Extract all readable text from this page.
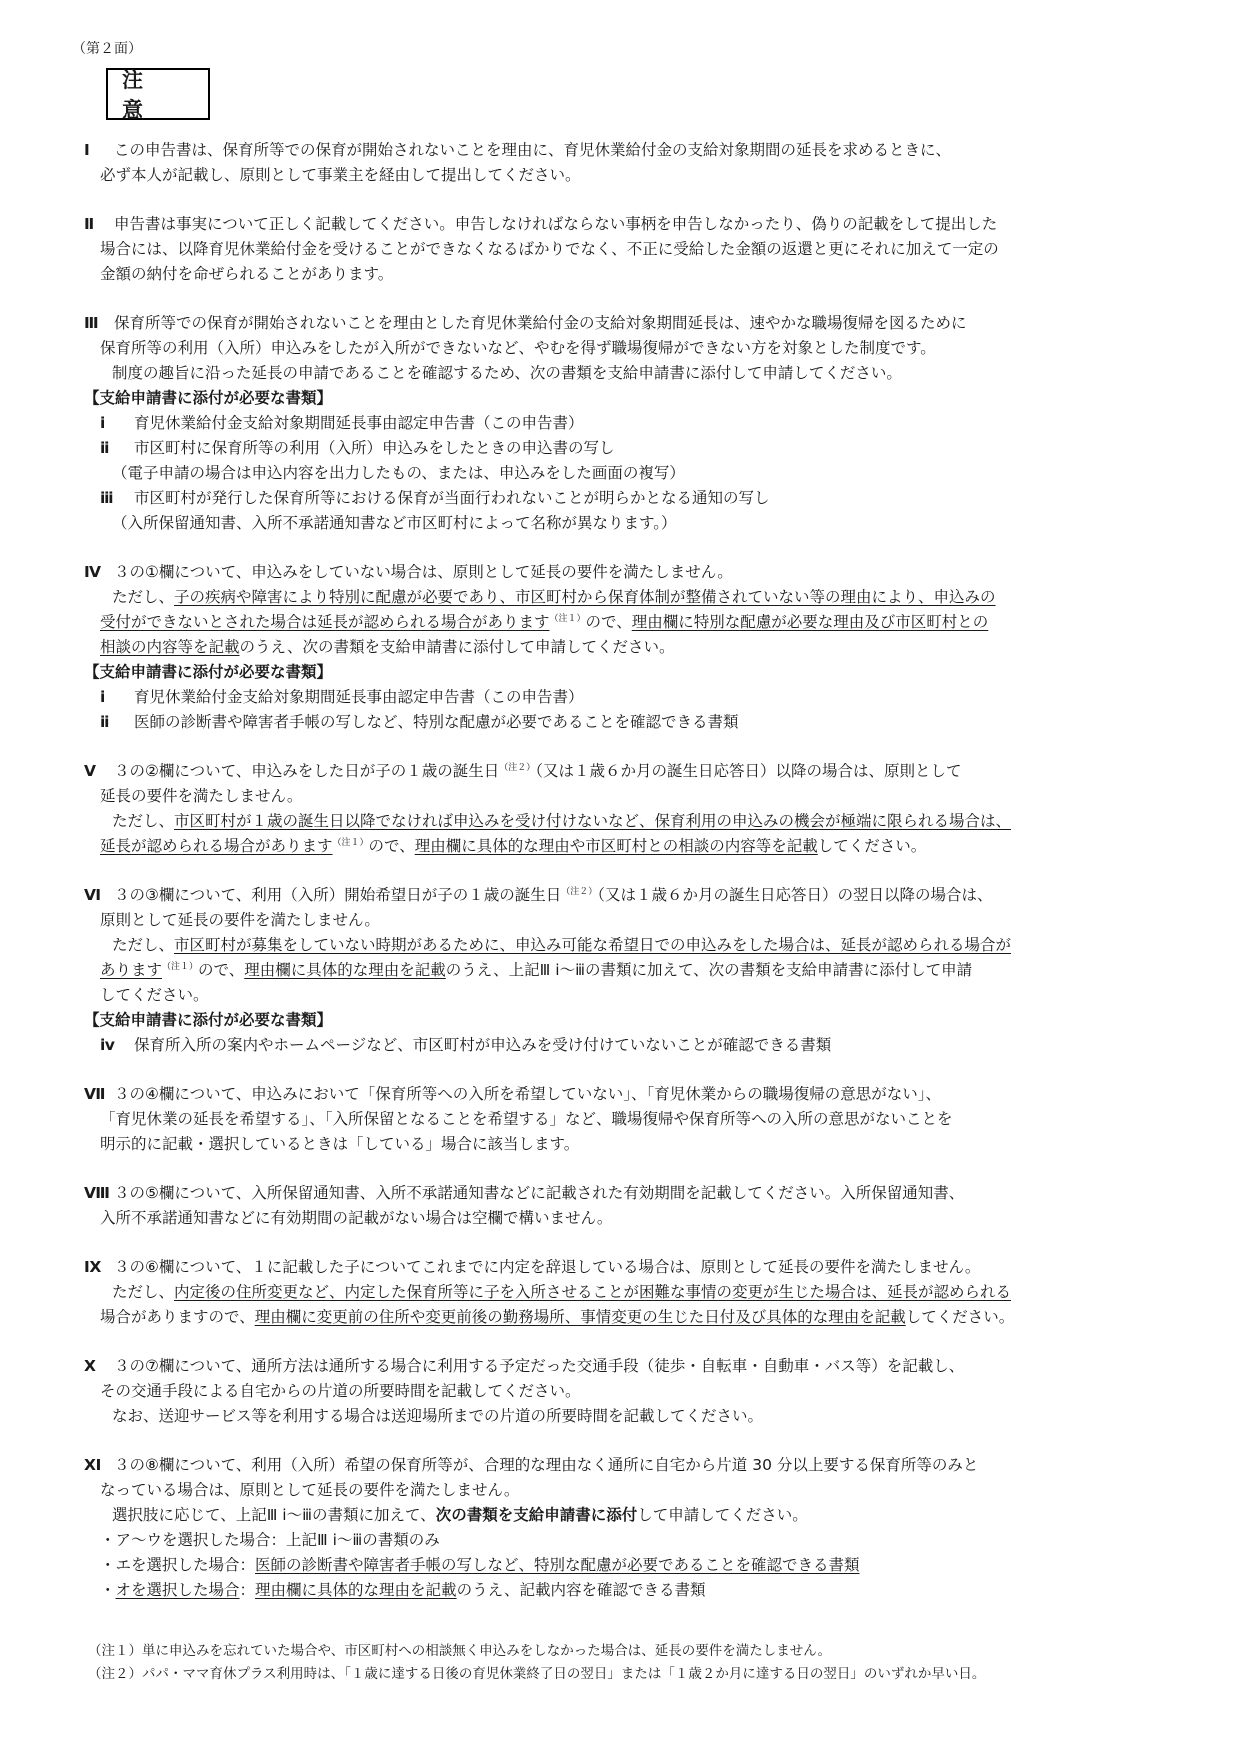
（第２面）
注　意
Ⅰ この申告書は、保育所等での保育が開始されないことを理由に、育児休業給付金の支給対象期間の延長を求めるときに、
必ず本人が記載し、原則として事業主を経由して提出してください。
Ⅱ 申告書は事実について正しく記載してください。申告しなければならない事柄を申告しなかったり、偽りの記載をして提出した
場合には、以降育児休業給付金を受けることができなくなるばかりでなく、不正に受給した金額の返還と更にそれに加えて一定の
金額の納付を命ぜられることがあります。
Ⅲ 保育所等での保育が開始されないことを理由とした育児休業給付金の支給対象期間延長は、速やかな職場復帰を図るために
保育所等の利用（入所）申込みをしたが入所ができないなど、やむを得ず職場復帰ができない方を対象とした制度です。
制度の趣旨に沿った延長の申請であることを確認するため、次の書類を支給申請書に添付して申請してください。
【支給申請書に添付が必要な書類】
ⅰ 育児休業給付金支給対象期間延長事由認定申告書（この申告書）
ⅱ 市区町村に保育所等の利用（入所）申込みをしたときの申込書の写し
（電子申請の場合は申込内容を出力したもの、または、申込みをした画面の複写）
ⅲ 市区町村が発行した保育所等における保育が当面行われないことが明らかとなる通知の写し
（入所保留通知書、入所不承諾通知書など市区町村によって名称が異なります。）
Ⅳ ３の①欄について、申込みをしていない場合は、原則として延長の要件を満たしません。
ただし、子の疾病や障害により特別に配慮が必要であり、市区町村から保育体制が整備されていない等の理由により、申込みの
受付ができないとされた場合は延長が認められる場合があります$^{(注1)}$ので、理由欄に特別な配慮が必要な理由及び市区町村との
相談の内容等を記載のうえ、次の書類を支給申請書に添付して申請してください。
【支給申請書に添付が必要な書類】
ⅰ 育児休業給付金支給対象期間延長事由認定申告書（この申告書）
ⅱ 医師の診断書や障害者手帳の写しなど、特別な配慮が必要であることを確認できる書類
Ⅴ ３の②欄について、申込みをした日が子の１歳の誕生日$^{(注2)}$（又は１歳６か月の誕生日応答日）以降の場合は、原則として
延長の要件を満たしません。
ただし、市区町村が１歳の誕生日以降でなければ申込みを受け付けないなど、保育利用の申込みの機会が極端に限られる場合は、
延長が認められる場合があります$^{(注1)}$ので、理由欄に具体的な理由や市区町村との相談の内容等を記載してください。
Ⅵ ３の③欄について、利用（入所）開始希望日が子の１歳の誕生日$^{(注2)}$（又は１歳６か月の誕生日応答日）の翌日以降の場合は、
原則として延長の要件を満たしません。
ただし、市区町村が募集をしていない時期があるために、申込み可能な希望日での申込みをした場合は、延長が認められる場合が
あります$^{(注1)}$ので、理由欄に具体的な理由を記載のうえ、上記Ⅲ ⅰ～ⅲの書類に加えて、次の書類を支給申請書に添付して申請
してください。
【支給申請書に添付が必要な書類】
ⅳ 保育所入所の案内やホームページなど、市区町村が申込みを受け付けていないことが確認できる書類
Ⅶ ３の④欄について、申込みにおいて「保育所等への入所を希望していない」、「育児休業からの職場復帰の意思がない」、
「育児休業の延長を希望する」、「入所保留となることを希望する」など、職場復帰や保育所等への入所の意思がないことを
明示的に記載・選択しているときは「している」場合に該当します。
Ⅷ ３の⑤欄について、入所保留通知書、入所不承諾通知書などに記載された有効期間を記載してください。入所保留通知書、
入所不承諾通知書などに有効期間の記載がない場合は空欄で構いません。
Ⅸ ３の⑥欄について、１に記載した子についてこれまでに内定を辞退している場合は、原則として延長の要件を満たしません。
ただし、内定後の住所変更など、内定した保育所等に子を入所させることが困難な事情の変更が生じた場合は、延長が認められる
場合がありますので、理由欄に変更前の住所や変更前後の勤務場所、事情変更の生じた日付及び具体的な理由を記載してください。
Ⅹ ３の⑦欄について、通所方法は通所する場合に利用する予定だった交通手段（徒歩・自転車・自動車・バス等）を記載し、
その交通手段による自宅からの片道の所要時間を記載してください。
なお、送迎サービス等を利用する場合は送迎場所までの片道の所要時間を記載してください。
Ⅺ ３の⑧欄について、利用（入所）希望の保育所等が、合理的な理由なく通所に自宅から片道 30 分以上要する保育所等のみと
なっている場合は、原則として延長の要件を満たしません。
選択肢に応じて、上記Ⅲ ⅰ～ⅲの書類に加えて、次の書類を支給申請書に添付して申請してください。
・ア～ウを選択した場合：上記Ⅲ ⅰ～ⅲの書類のみ
・エを選択した場合：医師の診断書や障害者手帳の写しなど、特別な配慮が必要であることを確認できる書類
・オを選択した場合：理由欄に具体的な理由を記載のうえ、記載内容を確認できる書類
（注１）単に申込みを忘れていた場合や、市区町村への相談無く申込みをしなかった場合は、延長の要件を満たしません。
（注２）パパ・ママ育休プラス利用時は、「１歳に達する日後の育児休業終了日の翌日」または「１歳２か月に達する日の翌日」のいずれか早い日。
